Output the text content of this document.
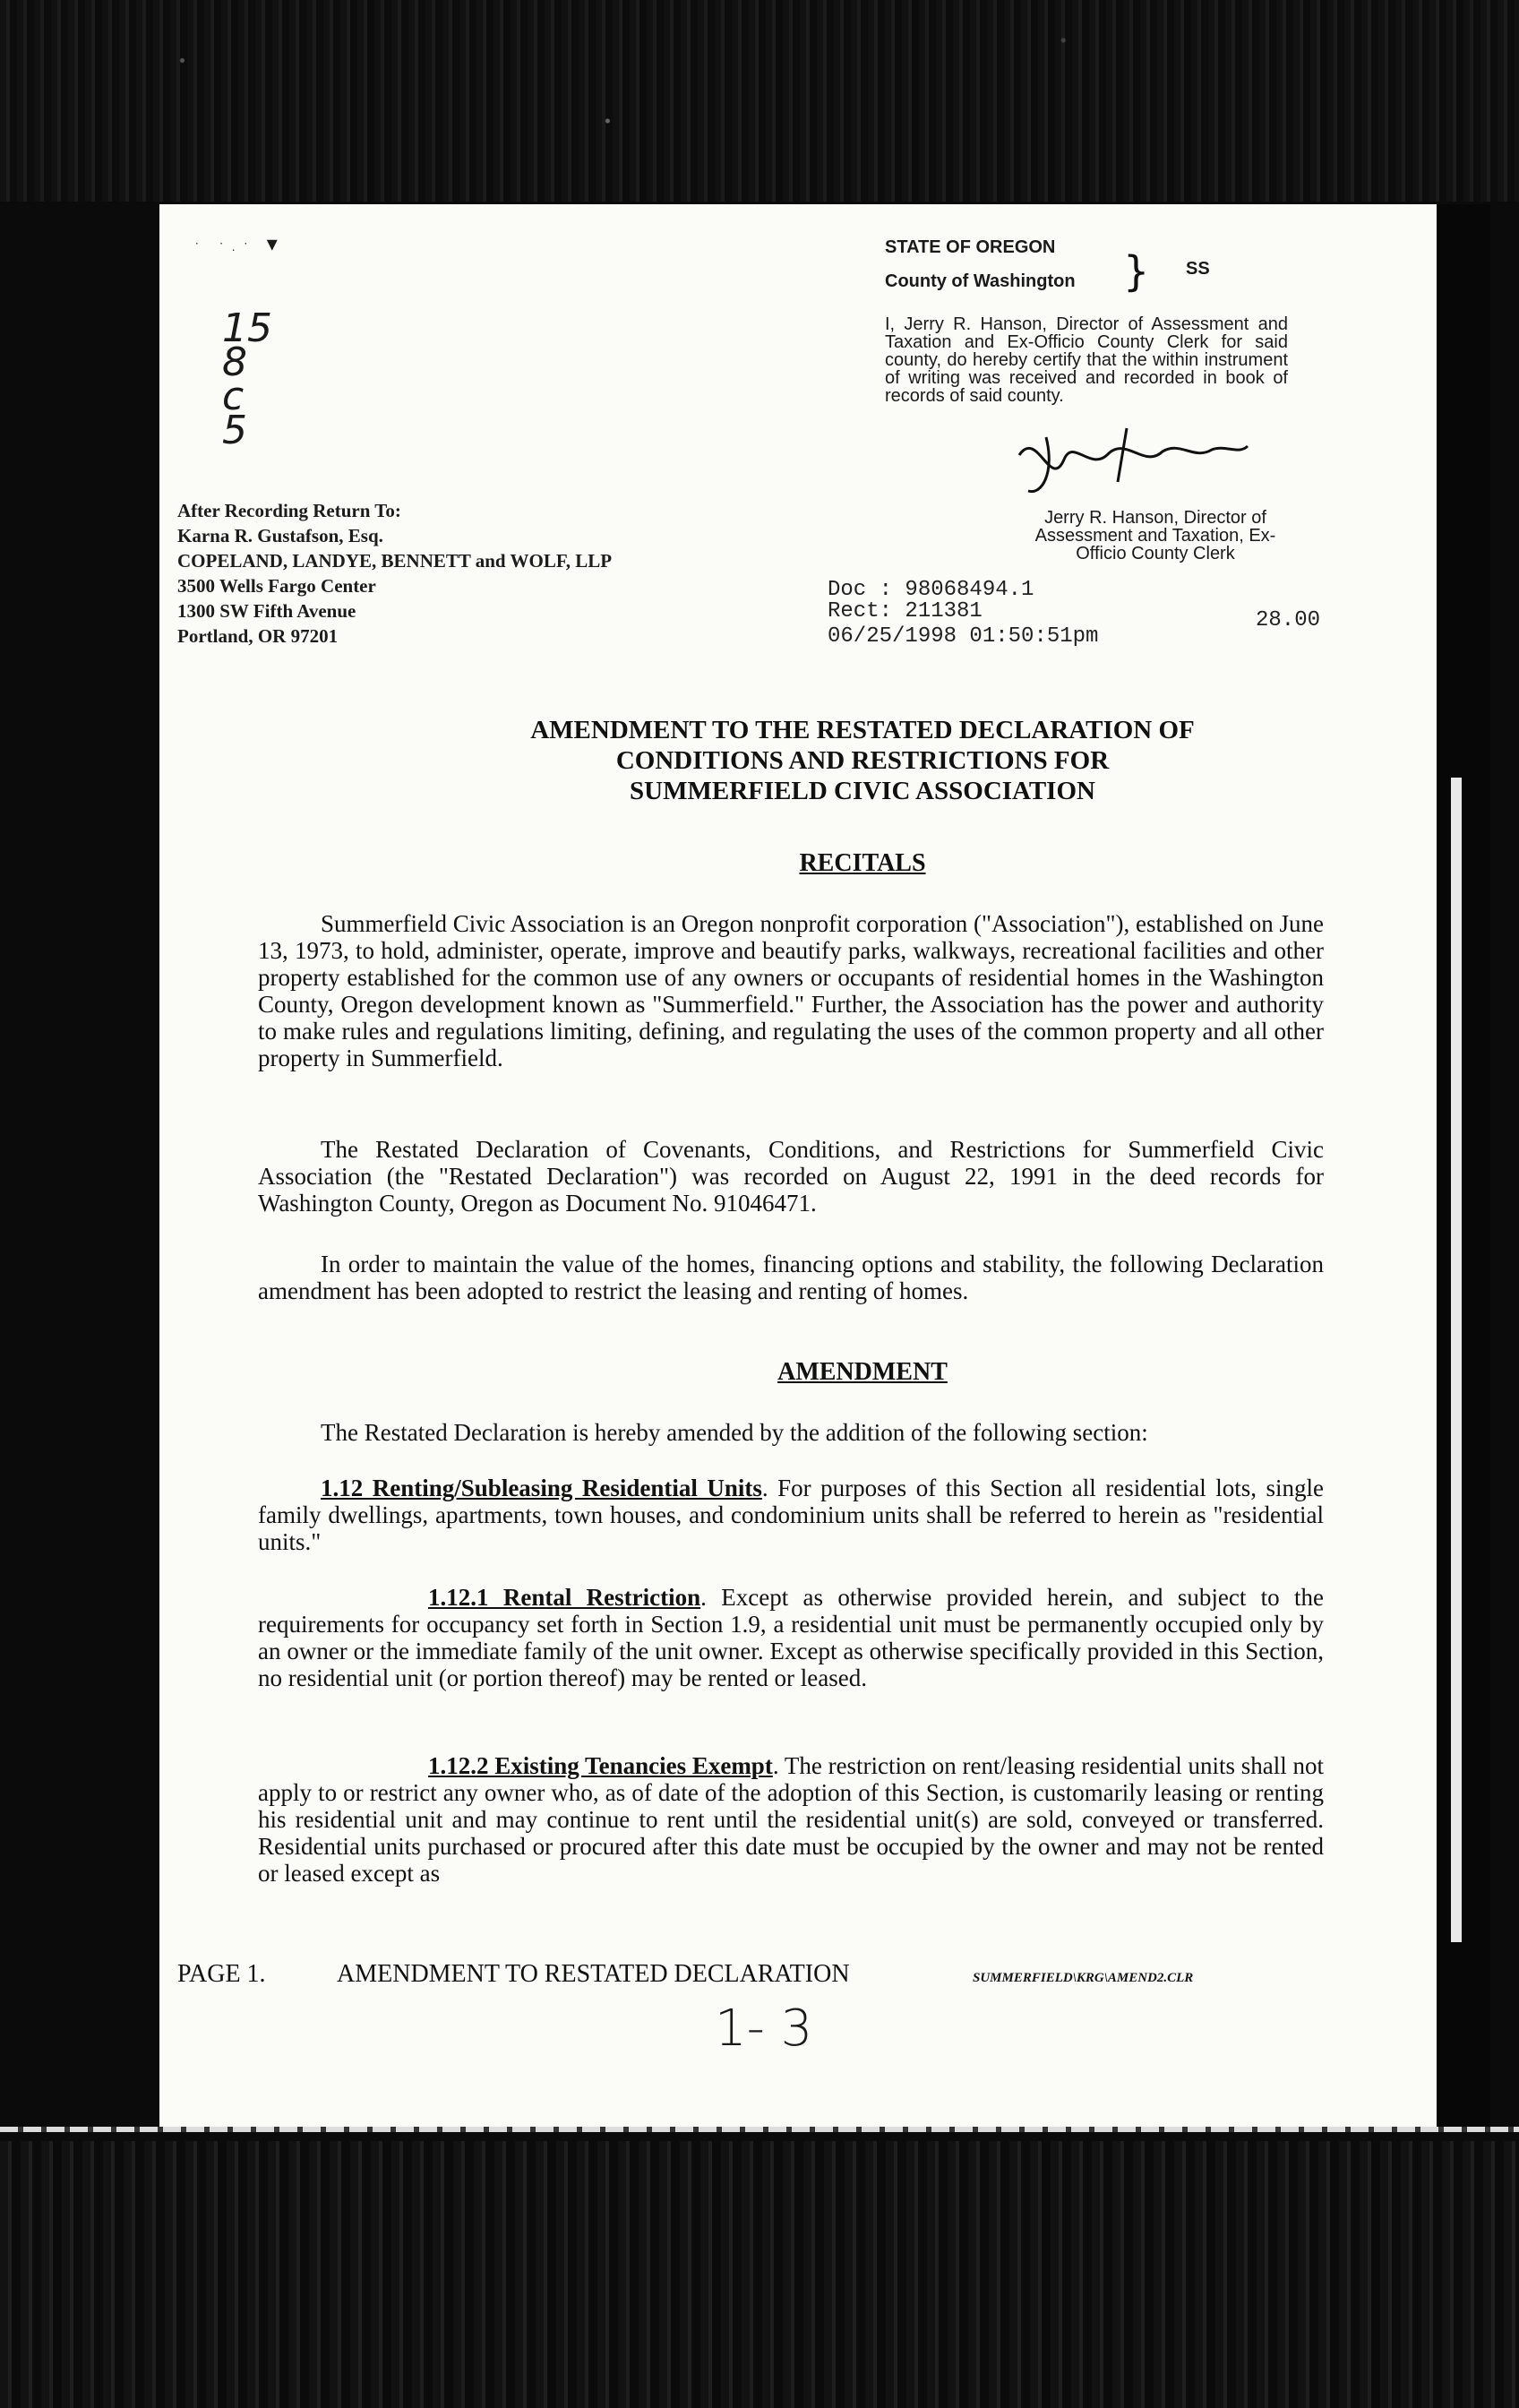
· ·.· ▾
15 8 c 5
STATE OF OREGON
County of Washington } SS
I, Jerry R. Hanson, Director of Assessment and Taxation and Ex-Officio County Clerk for said county, do hereby certify that the within instrument of writing was received and recorded in book of records of said county.
Jerry R. Hanson, Director of Assessment and Taxation, Ex-Officio County Clerk
Doc : 98068494.1
Rect: 211381	28.00
06/25/1998 01:50:51pm
After Recording Return To:
Karna R. Gustafson, Esq.
COPELAND, LANDYE, BENNETT and WOLF, LLP
3500 Wells Fargo Center
1300 SW Fifth Avenue
Portland, OR 97201
AMENDMENT TO THE RESTATED DECLARATION OF
CONDITIONS AND RESTRICTIONS FOR
SUMMERFIELD CIVIC ASSOCIATION
RECITALS
Summerfield Civic Association is an Oregon nonprofit corporation ("Association"), established on June 13, 1973, to hold, administer, operate, improve and beautify parks, walkways, recreational facilities and other property established for the common use of any owners or occupants of residential homes in the Washington County, Oregon development known as "Summerfield." Further, the Association has the power and authority to make rules and regulations limiting, defining, and regulating the uses of the common property and all other property in Summerfield.
The Restated Declaration of Covenants, Conditions, and Restrictions for Summerfield Civic Association (the "Restated Declaration") was recorded on August 22, 1991 in the deed records for Washington County, Oregon as Document No. 91046471.
In order to maintain the value of the homes, financing options and stability, the following Declaration amendment has been adopted to restrict the leasing and renting of homes.
AMENDMENT
The Restated Declaration is hereby amended by the addition of the following section:
1.12 Renting/Subleasing Residential Units. For purposes of this Section all residential lots, single family dwellings, apartments, town houses, and condominium units shall be referred to herein as "residential units."
1.12.1 Rental Restriction. Except as otherwise provided herein, and subject to the requirements for occupancy set forth in Section 1.9, a residential unit must be permanently occupied only by an owner or the immediate family of the unit owner. Except as otherwise specifically provided in this Section, no residential unit (or portion thereof) may be rented or leased.
1.12.2 Existing Tenancies Exempt. The restriction on rent/leasing residential units shall not apply to or restrict any owner who, as of date of the adoption of this Section, is customarily leasing or renting his residential unit and may continue to rent until the residential unit(s) are sold, conveyed or transferred. Residential units purchased or procured after this date must be occupied by the owner and may not be rented or leased except as
PAGE 1.	AMENDMENT TO RESTATED DECLARATION	SUMMERFIELD\KRG\AMEND2.CLR
1- 3
